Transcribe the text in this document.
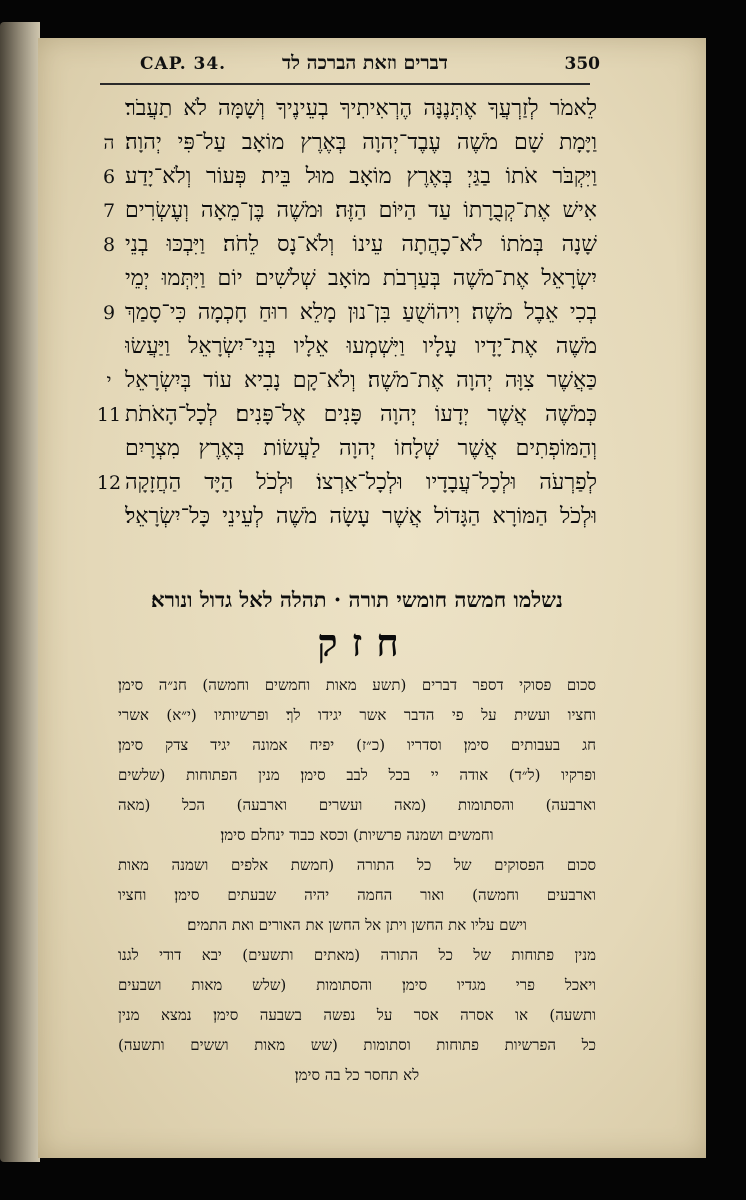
CAP. 34.	דברים וזאת הברכה לד	350
לֵאמֹר לְזַרְעֲךָ אֶתְּנֶנָּה הֶרְאִיתִיךָ בְעֵינֶיךָ וְשָׁמָּה לֹא תַעֲבֹר׃
ה וַיָּמָת שָׁם מֹשֶׁה עֶבֶד־יְהוָה בְּאֶרֶץ מוֹאָב עַל־פִּי יְהוָה׃
6 וַיִּקְבֹּר אֹתוֹ בַגַּיְ בְּאֶרֶץ מוֹאָב מוּל בֵּית פְּעוֹר וְלֹא־יָדַע
7 אִישׁ אֶת־קְבֻרָתוֹ עַד הַיּוֹם הַזֶּה׃ וּמֹשֶׁה בֶּן־מֵאָה וְעֶשְׂרִים
8 שָׁנָה בְּמֹתוֹ לֹא־כָהֲתָה עֵינוֹ וְלֹא־נָס לֵחֹה׃ וַיִּבְכּוּ בְנֵי
יִשְׂרָאֵל אֶת־מֹשֶׁה בְּעַרְבֹת מוֹאָב שְׁלֹשִׁים יוֹם וַיִּתְּמוּ יְמֵי
9 בְכִי אֵבֶל מֹשֶׁה׃ וִיהוֹשֻׁעַ בִּן־נוּן מָלֵא רוּחַ חָכְמָה כִּי־סָמַךְ
מֹשֶׁה אֶת־יָדָיו עָלָיו וַיִּשְׁמְעוּ אֵלָיו בְּנֵי־יִשְׂרָאֵל וַיַּעֲשׂוּ
י כַּאֲשֶׁר צִוָּה יְהוָה אֶת־מֹשֶׁה׃ וְלֹא־קָם נָבִיא עוֹד בְּיִשְׂרָאֵל
11 כְּמֹשֶׁה אֲשֶׁר יְדָעוֹ יְהוָה פָּנִים אֶל־פָּנִים׃ לְכָל־הָאֹתֹת
וְהַמּוֹפְתִים אֲשֶׁר שְׁלָחוֹ יְהוָה לַעֲשׂוֹת בְּאֶרֶץ מִצְרָיִם
12 לְפַרְעֹה וּלְכָל־עֲבָדָיו וּלְכָל־אַרְצוֹ׃ וּלְכֹל הַיָּד הַחֲזָקָה
וּלְכֹל הַמּוֹרָא הַגָּדוֹל אֲשֶׁר עָשָׂה מֹשֶׁה לְעֵינֵי כָּל־יִשְׂרָאֵל׃
נשלמו חמשה חומשי תורה · תהלה לאל גדול ונורא׃
חזק
סכום פסוקי דספר דברים (תשע מאות וחמשים וחמשה) חנ״ה סימן׃
וחציו ועשית על פי הדבר אשר יגידו לך׃ ופרשיותיו (י״א) אשרי
חג בעבותים סימן׃ וסדריו (כ״ז) יפיח אמונה יגיד צדק סימן׃
ופרקיו (ל״ד) אודה יי בכל לבב סימן׃ מנין הפתוחות (שלשים
וארבעה) והסתומות (מאה ועשרים וארבעה) הכל (מאה
וחמשים ושמנה פרשיות) וכסא כבוד ינחלם סימן׃
סכום הפסוקים של כל התורה (חמשת אלפים ושמנה מאות
וארבעים וחמשה) ואור החמה יהיה שבעתים סימן׃ וחציו
וישם עליו את החשן ויתן אל החשן את האורים ואת התמים׃
מנין פתוחות של כל התורה (מאתים ותשעים) יבא דודי לגנו
ויאכל פרי מגדיו סימן׃ והסתומות (שלש מאות ושבעים
ותשעה) או אסרה אסר על נפשה בשבעה סימן׃ נמצא מנין
כל הפרשיות פתוחות וסתומות (שש מאות וששים ותשעה)
לא תחסר כל בה סימן׃
